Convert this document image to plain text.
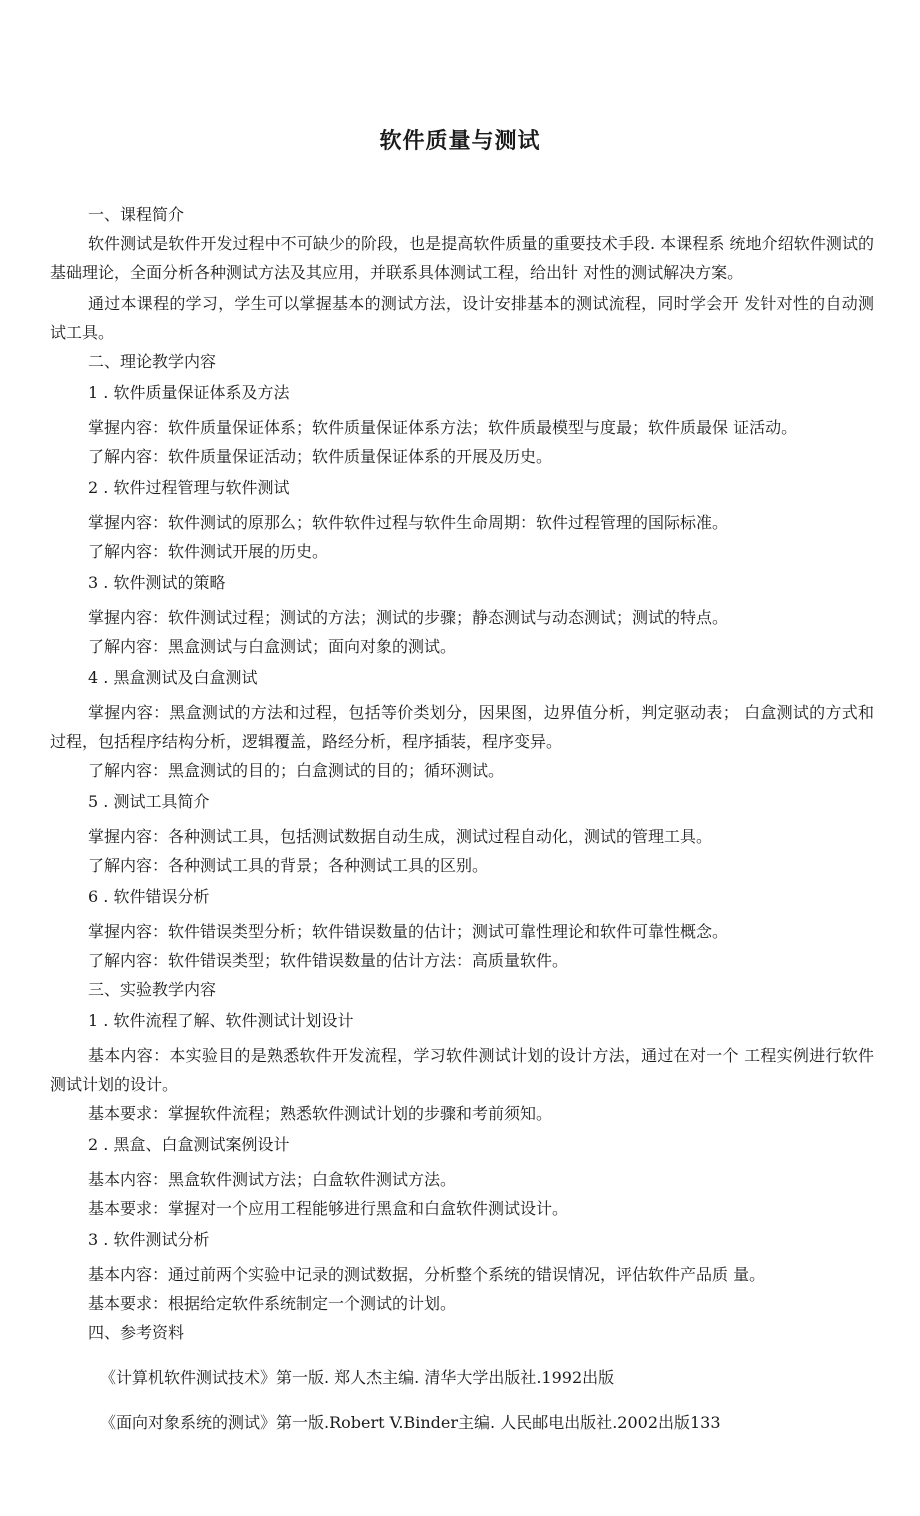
软件质量与测试

一、课程简介

软件测试是软件开发过程中不可缺少的阶段，也是提高软件质量的重要技术手段. 本课程系 统地介绍软件测试的基础理论，全面分析各种测试方法及其应用，并联系具体测试工程，给出针 对性的测试解决方案。

通过本课程的学习，学生可以掌握基本的测试方法，设计安排基本的测试流程，同时学会开 发针对性的自动测试工具。

二、理论教学内容

1 . 软件质量保证体系及方法

掌握内容：软件质量保证体系；软件质量保证体系方法；软件质最模型与度最；软件质最保 证活动。

了解内容：软件质量保证活动；软件质量保证体系的开展及历史。

2 . 软件过程管理与软件测试

掌握内容：软件测试的原那么；软件软件过程与软件生命周期：软件过程管理的国际标准。

了解内容：软件测试开展的历史。

3 . 软件测试的策略

掌握内容：软件测试过程；测试的方法；测试的步骤；静态测试与动态测试；测试的特点。

了解内容：黑盒测试与白盒测试；面向对象的测试。

4 . 黑盒测试及白盒测试

掌握内容：黑盒测试的方法和过程，包括等价类划分，因果图，边界值分析，判定驱动表； 白盒测试的方式和过程，包括程序结构分析，逻辑覆盖，路经分析，程序插装，程序变异。

了解内容：黑盒测试的目的；白盒测试的目的；循环测试。

5 . 测试工具简介

掌握内容：各种测试工具，包括测试数据自动生成，测试过程自动化，测试的管理工具。

了解内容：各种测试工具的背景；各种测试工具的区别。

6 . 软件错误分析

掌握内容：软件错误类型分析；软件错误数量的估计；测试可靠性理论和软件可靠性概念。

了解内容：软件错误类型；软件错误数量的估计方法：高质量软件。

三、实验教学内容

1 . 软件流程了解、软件测试计划设计

基本内容：本实验目的是熟悉软件开发流程，学习软件测试计划的设计方法，通过在对一个 工程实例进行软件测试计划的设计。

基本要求：掌握软件流程；熟悉软件测试计划的步骤和考前须知。

2 . 黑盒、白盒测试案例设计

基本内容：黑盒软件测试方法；白盒软件测试方法。

基本要求：掌握对一个应用工程能够进行黑盒和白盒软件测试设计。

3 . 软件测试分析

基本内容：通过前两个实验中记录的测试数据，分析整个系统的错误情况，评估软件产品质 量。

基本要求：根据给定软件系统制定一个测试的计划。

四、参考资料

《计算机软件测试技术》第一版. 郑人杰主编. 清华大学出版社.1992出版

《面向对象系统的测试》第一版.Robert V.Binder主编. 人民邮电出版社.2002出版133
